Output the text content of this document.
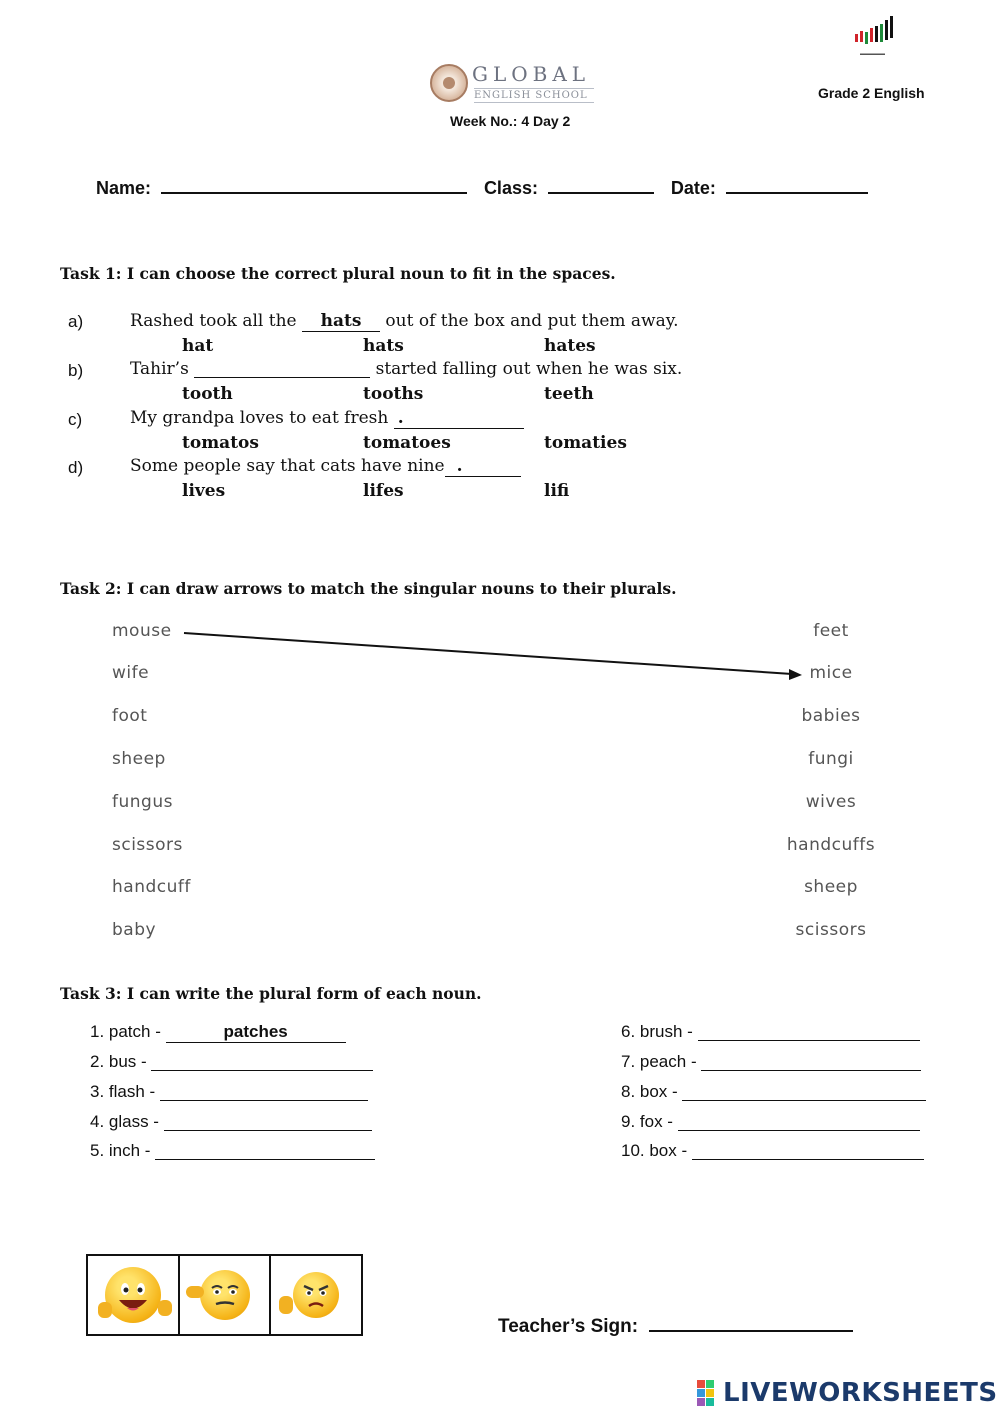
GLOBAL
ENGLISH SCHOOL
Week No.: 4 Day 2
▬▬▬▬▬
Grade 2 English
Name:	Class:	Date:
Task 1: I can choose the correct plural noun to fit in the spaces.
a)	Rashed took all the hats out of the box and put them away.
hat	hats	hates
b)	Tahir’s	started falling out when he was six.
tooth	tooths	teeth
c)	My grandpa loves to eat fresh .
tomatos	tomatoes	tomaties
d)	Some people say that cats have nine .
lives	lifes	lifi
Task 2: I can draw arrows to match the singular nouns to their plurals.
mouse
wife
foot
sheep
fungus
scissors
handcuff
baby
feet
mice
babies
fungi
wives
handcuffs
sheep
scissors
Task 3: I can write the plural form of each noun.
1. patch -	patches
2. bus -
3. flash -
4. glass -
5. inch -
6. brush -
7. peach -
8. box -
9. fox -
10. box -
Teacher’s Sign:
LIVEWORKSHEETS
